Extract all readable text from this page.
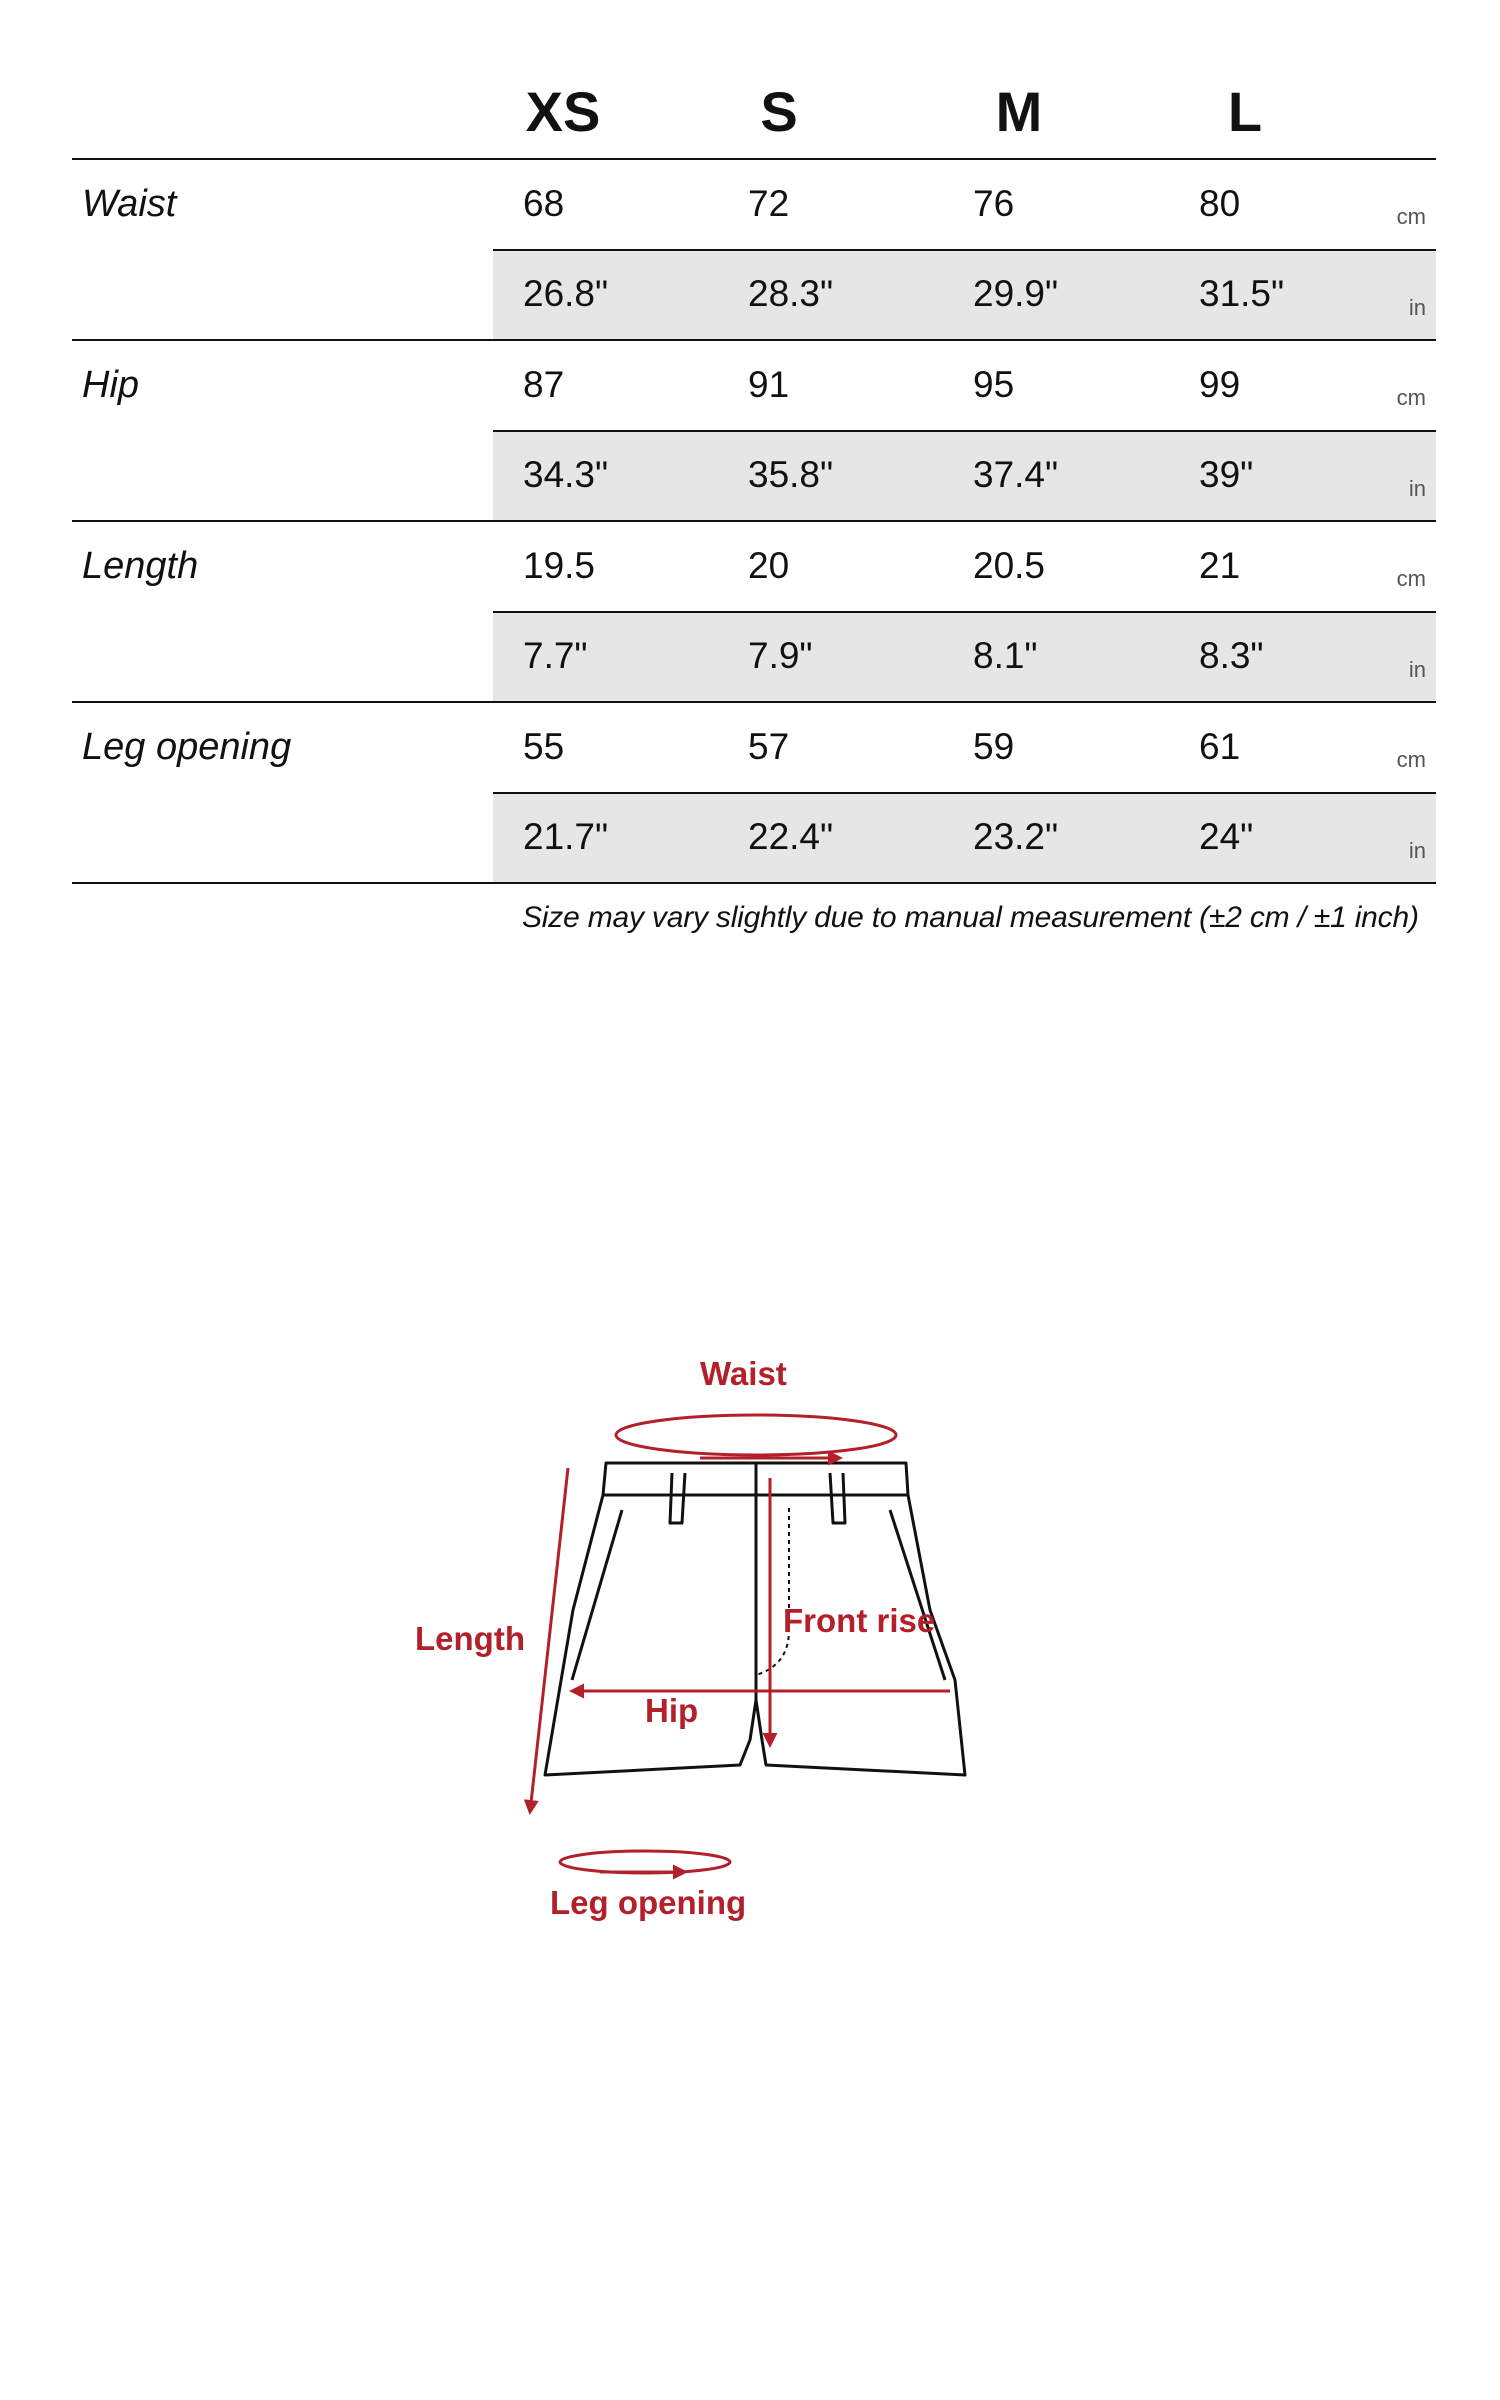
XS	S	M	L
Waist	68	72	76	80	cm
26.8"	28.3"	29.9"	31.5"	in
Hip	87	91	95	99	cm
34.3"	35.8"	37.4"	39"	in
Length	19.5	20	20.5	21	cm
7.7"	7.9"	8.1"	8.3"	in
Leg opening	55	57	59	61	cm
21.7"	22.4"	23.2"	24"	in
Size may vary slightly due to manual measurement (±2 cm / ±1 inch)
Waist
Length	Front rise
Hip
Leg opening
